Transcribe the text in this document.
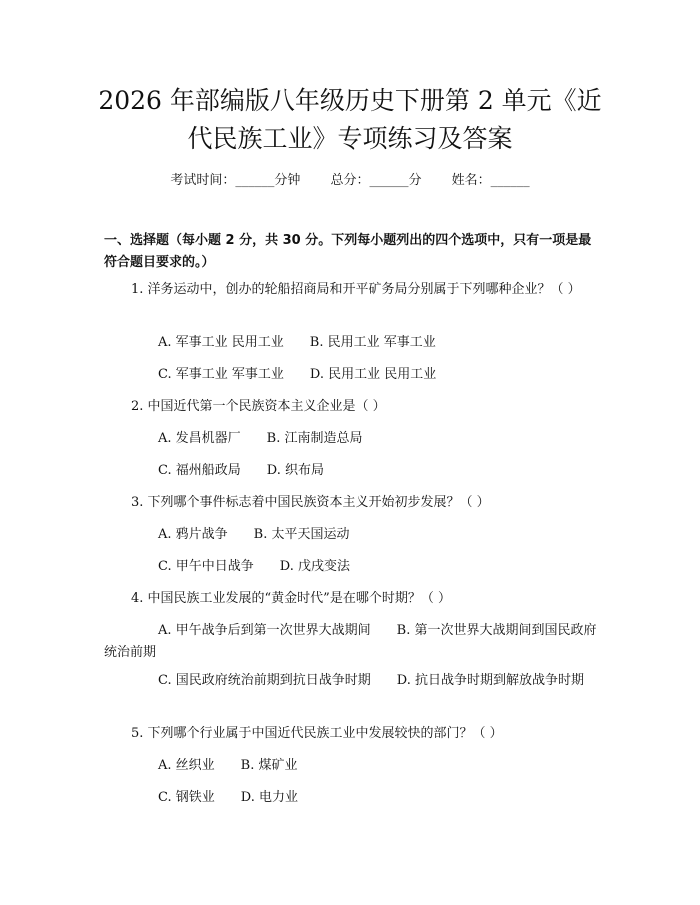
2026 年部编版八年级历史下册第 2 单元《近
代民族工业》专项练习及答案
考试时间：______分钟 总分：______分 姓名：______
一、选择题（每小题 2 分，共 30 分。下列每小题列出的四个选项中，只有一项是最符合题目要求的。）
1. 洋务运动中，创办的轮船招商局和开平矿务局分别属于下列哪种企业？（ ）
A. 军事工业 民用工业 B. 民用工业 军事工业
C. 军事工业 军事工业 D. 民用工业 民用工业
2. 中国近代第一个民族资本主义企业是（ ）
A. 发昌机器厂 B. 江南制造总局
C. 福州船政局 D. 织布局
3. 下列哪个事件标志着中国民族资本主义开始初步发展？（ ）
A. 鸦片战争 B. 太平天国运动
C. 甲午中日战争 D. 戊戌变法
4. 中国民族工业发展的“黄金时代”是在哪个时期？（ ）
A. 甲午战争后到第一次世界大战期间 B. 第一次世界大战期间到国民政府统治前期
C. 国民政府统治前期到抗日战争时期 D. 抗日战争时期到解放战争时期
5. 下列哪个行业属于中国近代民族工业中发展较快的部门？（ ）
A. 丝织业 B. 煤矿业
C. 钢铁业 D. 电力业
